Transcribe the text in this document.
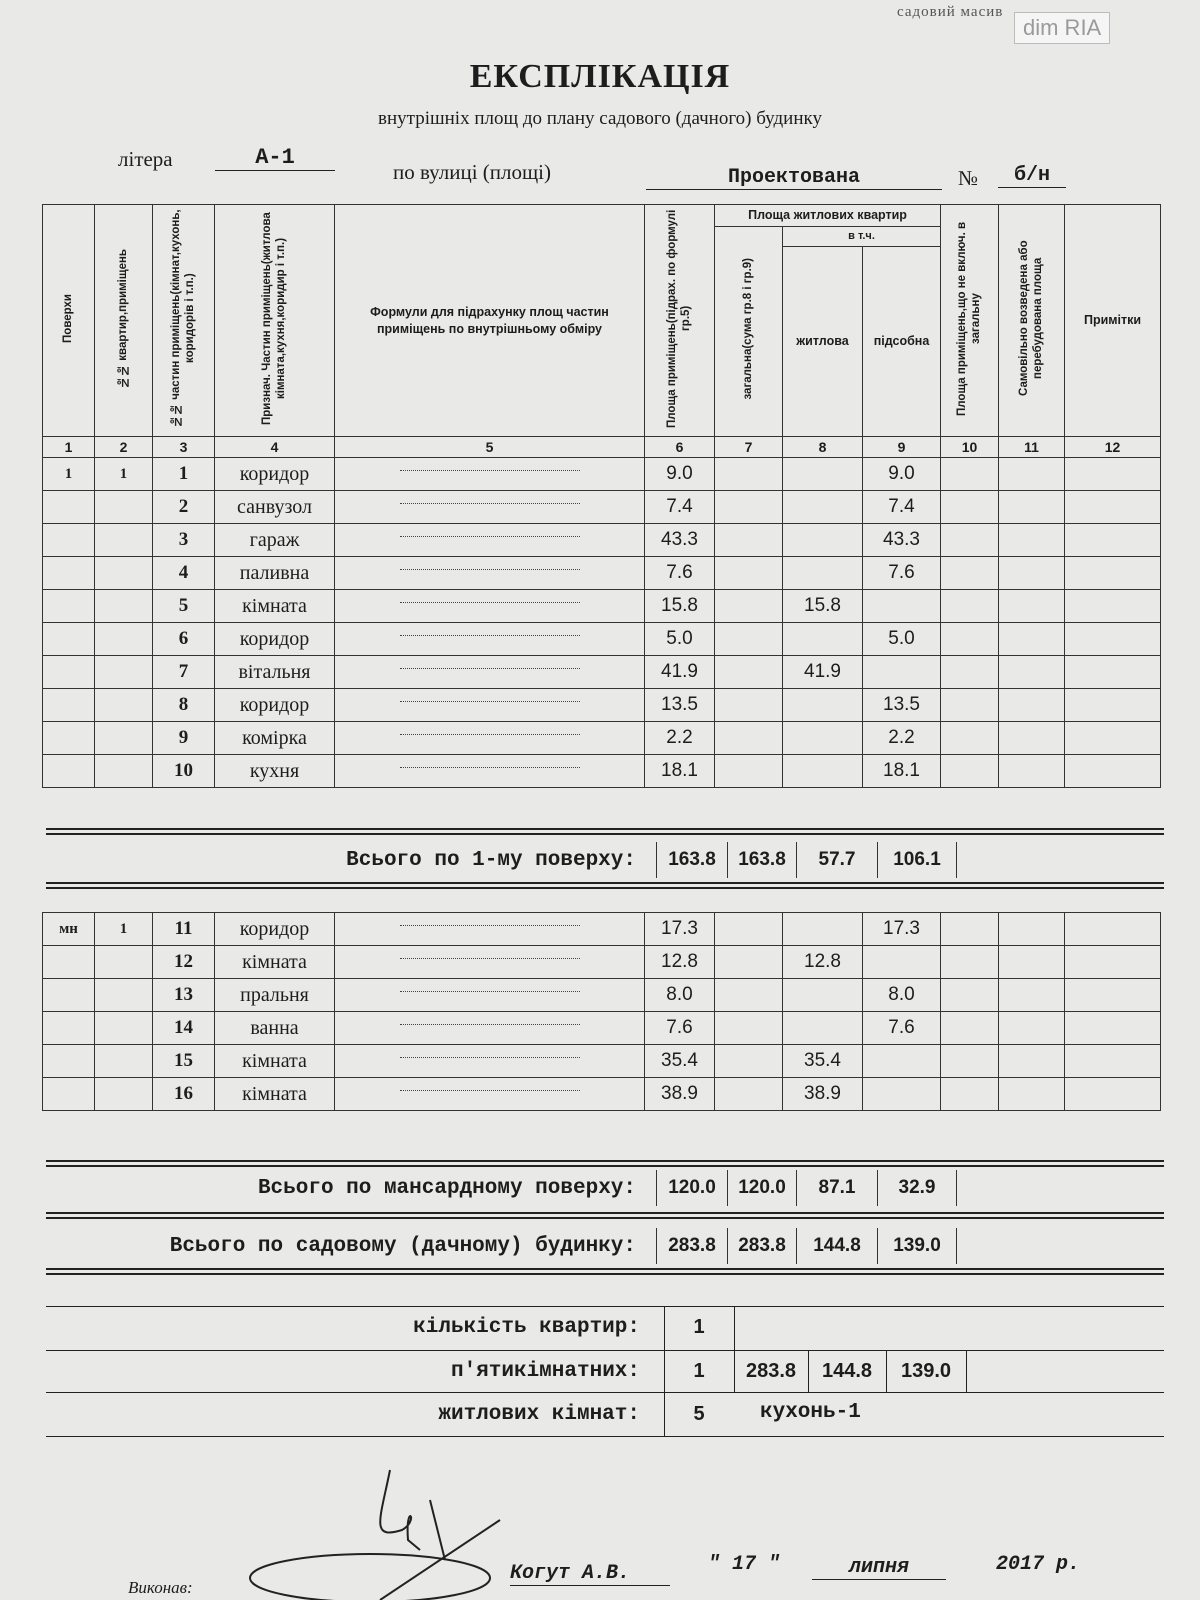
садовий масив
dim RIA
ЕКСПЛІКАЦІЯ
внутрішніх площ до плану садового (дачного) будинку
літера	А-1
по вулиці (площі)	Проектована	№	б/н
Поверхи	№№ квартир,приміщень	№№ частин приміщень(кімнат,кухонь, коридорів і т.п.)	Признач. Частин приміщень(житлова кімната,кухня,коридир і т.п.)	Формули для підрахунку площ частин приміщень по внутрішньому обміру	Площа приміщень(підрах. по формулі гр.5)	Площа житлових квартир			Площа приміщень,що не включ. в загальну	Самовільно возведена або перебудована площа	Примітки
						загальна(сума гр.8 і гр.9)	в т.ч.				
							житлова	підсобна			
1	2	3	4	5	6	7	8	9	10	11	12
1	1	1	коридор		9.0			9.0			
		2	санвузол		7.4			7.4			
		3	гараж		43.3			43.3			
		4	паливна		7.6			7.6			
		5	кімната		15.8		15.8				
		6	коридор		5.0			5.0			
		7	вітальня		41.9		41.9				
		8	коридор		13.5			13.5			
		9	комірка		2.2			2.2			
		10	кухня		18.1			18.1			
Всього по 1-му поверху:	163.8	163.8	57.7	106.1
мн	1	11	коридор		17.3			17.3			
		12	кімната		12.8		12.8				
		13	пральня		8.0			8.0			
		14	ванна		7.6			7.6			
		15	кімната		35.4		35.4				
		16	кімната		38.9		38.9				
Всього по мансардному поверху:	120.0	120.0	87.1	32.9
Всього по садовому (дачному) будинку:	283.8	283.8	144.8	139.0
кількість квартир:	1
п'ятикімнатних:	1	283.8	144.8	139.0
житлових кімнат:	5	кухонь-1
Виконав:
Когут А.В.	" 17 "	липня	2017 р.
